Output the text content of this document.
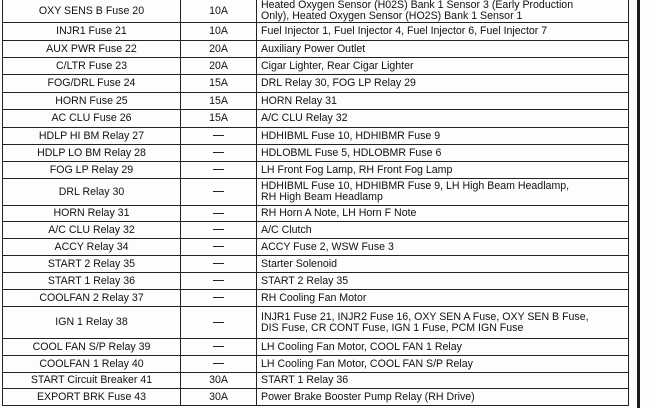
OXY SENS B Fuse 20	10A	Heated Oxygen Sensor (H02S) Bank 1 Sensor 3 (Early Production
Only), Heated Oxygen Sensor (HO2S) Bank 1 Sensor 1

INJR1 Fuse 21	10A	Fuel Injector 1, Fuel Injector 4, Fuel Injector 6, Fuel Injector 7

AUX PWR Fuse 22	20A	Auxiliary Power Outlet

C/LTR Fuse 23	20A	Cigar Lighter, Rear Cigar Lighter

FOG/DRL Fuse 24	15A	DRL Relay 30, FOG LP Relay 29

HORN Fuse 25	15A	HORN Relay 31

AC CLU Fuse 26	15A	A/C CLU Relay 32

HDLP HI BM Relay 27		HDHIBML Fuse 10, HDHIBMR Fuse 9

HDLP LO BM Relay 28		HDLOBML Fuse 5, HDLOBMR Fuse 6

FOG LP Relay 29		LH Front Fog Lamp, RH Front Fog Lamp

DRL Relay 30		HDHIBML Fuse 10, HDHIBMR Fuse 9, LH High Beam Headlamp,
RH High Beam Headlamp

HORN Relay 31		RH Horn A Note, LH Horn F Note

A/C CLU Relay 32		A/C Clutch

ACCY Relay 34		ACCY Fuse 2, WSW Fuse 3

START 2 Relay 35		Starter Solenoid

START 1 Relay 36		START 2 Relay 35

COOLFAN 2 Relay 37		RH Cooling Fan Motor

IGN 1 Relay 38		INJR1 Fuse 21, INJR2 Fuse 16, OXY SEN A Fuse, OXY SEN B Fuse,
DIS Fuse, CR CONT Fuse, IGN 1 Fuse, PCM IGN Fuse

COOL FAN S/P Relay 39		LH Cooling Fan Motor, COOL FAN 1 Relay

COOLFAN 1 Relay 40		LH Cooling Fan Motor, COOL FAN S/P Relay

START Circuit Breaker 41	30A	START 1 Relay 36

EXPORT BRK Fuse 43	30A	Power Brake Booster Pump Relay (RH Drive)
